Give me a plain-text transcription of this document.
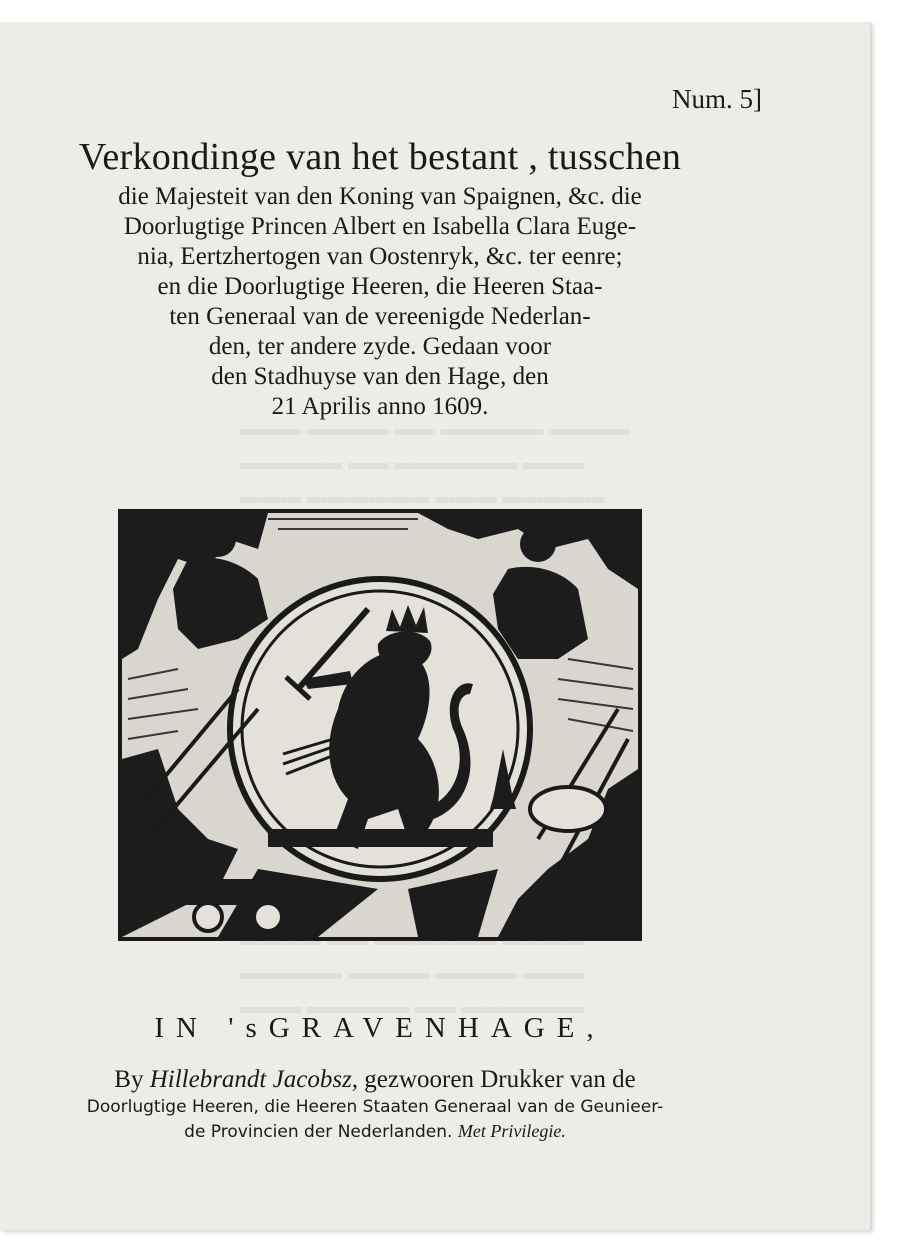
▬▬▬ ▬▬▬▬ ▬▬ ▬▬▬▬▬ ▬▬▬▬
▬▬▬▬▬ ▬▬ ▬▬▬▬▬▬ ▬▬▬
▬▬▬ ▬▬▬▬▬▬ ▬▬▬ ▬▬▬▬▬

▬▬▬▬▬ ▬▬▬▬ ▬▬▬▬ ▬▬▬
▬▬▬ ▬▬▬▬▬ ▬▬ ▬▬▬▬▬▬
Num. 5]
Verkondinge van het bestant , tusschen
die Majesteit van den Koning van Spaignen, &c. die
Doorlugtige Princen Albert en Isabella Clara Euge-
nia, Eertzhertogen van Oostenryk, &c. ter eenre;
en die Doorlugtige Heeren, die Heeren Staa-
ten Generaal van de vereenigde Nederlan-
den, ter andere zyde. Gedaan voor
den Stadhuyse van den Hage, den
21 Aprilis anno 1609.
IN 'sGRAVENHAGE,
By Hillebrandt Jacobsz, gezwooren Drukker van de
Doorlugtige Heeren, die Heeren Staaten Generaal van de Geunieer-
de Provincien der Nederlanden. Met Privilegie.
